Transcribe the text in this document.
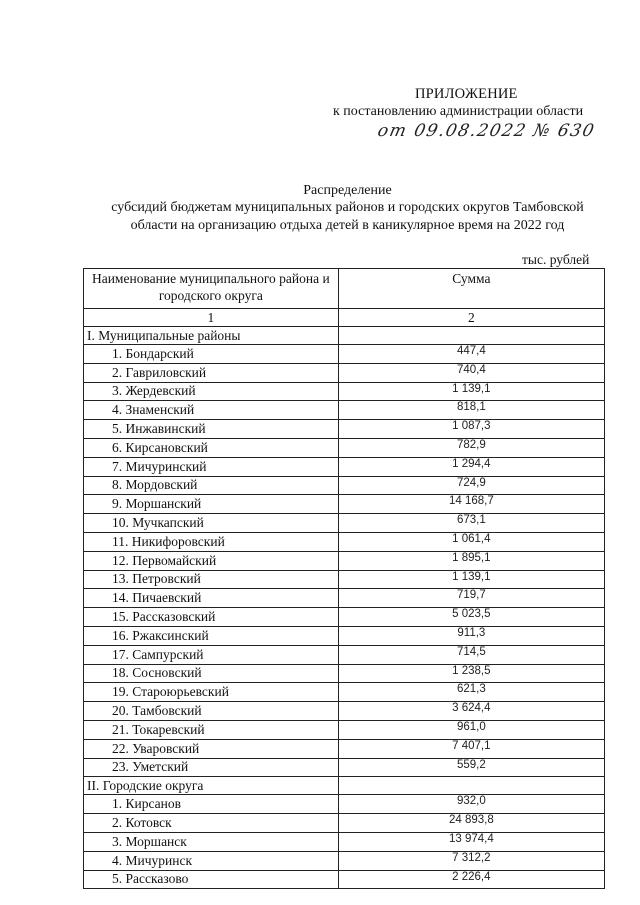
ПРИЛОЖЕНИЕ
к постановлению администрации области
от 09.08.2022 № 630
Распределение
субсидий бюджетам муниципальных районов и городских округов Тамбовской
области на организацию отдыха детей в каникулярное время на 2022 год
тыс. рублей
Наименование муниципального района и городского округа	Сумма
1	2
I. Муниципальные районы	
1. Бондарский	447,4
2. Гавриловский	740,4
3. Жердевский	1 139,1
4. Знаменский	818,1
5. Инжавинский	1 087,3
6. Кирсановский	782,9
7. Мичуринский	1 294,4
8. Мордовский	724,9
9. Моршанский	14 168,7
10. Мучкапский	673,1
11. Никифоровский	1 061,4
12. Первомайский	1 895,1
13. Петровский	1 139,1
14. Пичаевский	719,7
15. Рассказовский	5 023,5
16. Ржаксинский	911,3
17. Сампурский	714,5
18. Сосновский	1 238,5
19. Староюрьевский	621,3
20. Тамбовский	3 624,4
21. Токаревский	961,0
22. Уваровский	7 407,1
23. Уметский	559,2
II. Городские округа	
1. Кирсанов	932,0
2. Котовск	24 893,8
3. Моршанск	13 974,4
4. Мичуринск	7 312,2
5. Рассказово	2 226,4
